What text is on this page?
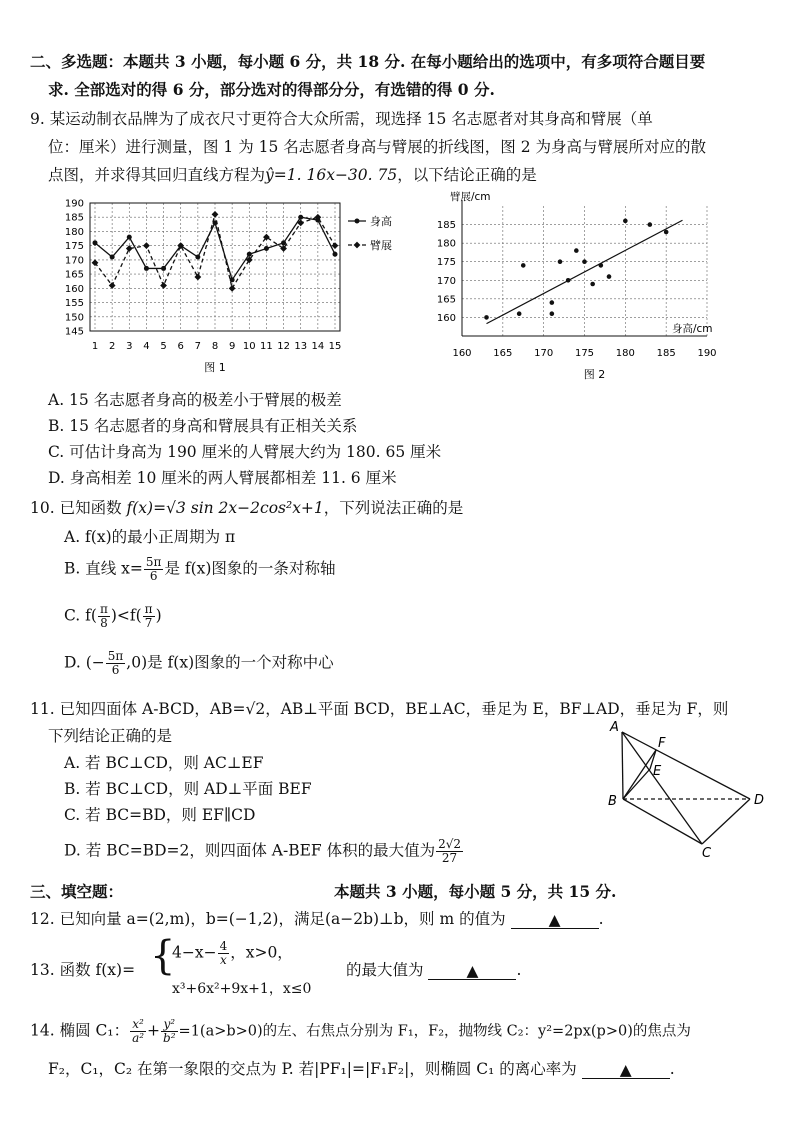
二、多选题：本题共 3 小题，每小题 6 分，共 18 分. 在每小题给出的选项中，有多项符合题目要
求. 全部选对的得 6 分，部分选对的得部分分，有选错的得 0 分.
9. 某运动制衣品牌为了成衣尺寸更符合大众所需，现选择 15 名志愿者对其身高和臂展（单
位：厘米）进行测量，图 1 为 15 名志愿者身高与臂展的折线图，图 2 为身高与臂展所对应的散
点图，并求得其回归直线方程为ŷ=1. 16x−30. 75，以下结论正确的是
145
150
155
160
165
170
175
180
185
190
1 2 3 4 5 6 7 8 9 10 11 12 13 14 15
身高
臂展
图 1
160
165
170
175
180
185
160 165 170 175 180 185 190
臂展/cm
身高/cm
图 2
A. 15 名志愿者身高的极差小于臂展的极差
B. 15 名志愿者的身高和臂展具有正相关关系
C. 可估计身高为 190 厘米的人臂展大约为 180. 65 厘米
D. 身高相差 10 厘米的两人臂展都相差 11. 6 厘米
10. 已知函数 f(x)=√3 sin 2x−2cos²x+1，下列说法正确的是
A. f(x)的最小正周期为 π
B. 直线 $x= \frac{5\pi}{6}$ 是 f(x)图象的一条对称轴
C. $f( \frac{\pi}{8} )<f( \frac{\pi}{7}$ )
D. (− $\frac{5\pi}{6} ,0$)是 f(x)图象的一个对称中心
11. 已知四面体 A-BCD，AB=√2，AB⊥平面 BCD，BE⊥AC，垂足为 E，BF⊥AD，垂足为 F，则
下列结论正确的是
A. 若 BC⊥CD，则 AC⊥EF
B. 若 BC⊥CD，则 AD⊥平面 BEF
C. 若 BC=BD，则 EF∥CD
D. 若 BC=BD=2，则四面体 A-BEF 体积的最大值为 $\frac{2√2}{27}$
A
B
C
D
E
F
三、填空题：	本题共 3 小题，每小题 5 分，共 15 分.
12. 已知向量 a=(2,m)，b=(−1,2)，满足(a−2b)⊥b，则 m 的值为	▲ .
13. 函数 f(x)= {
$4-x- \frac{4}{x}$ ，x>0，
x³+6x²+9x+1，x≤0
的最大值为	▲ .
14. 椭圆 C₁： $\frac{\text{x²}}{\text{a²}} + \frac{\text{y²}}{\text{b²}} =1(a>b>0)$的左、右焦点分别为 F₁，F₂，抛物线 C₂：y²=2px(p>0)的焦点为
F₂，C₁，C₂ 在第一象限的交点为 P. 若|PF₁|=|F₁F₂|，则椭圆 C₁ 的离心率为	▲ .
